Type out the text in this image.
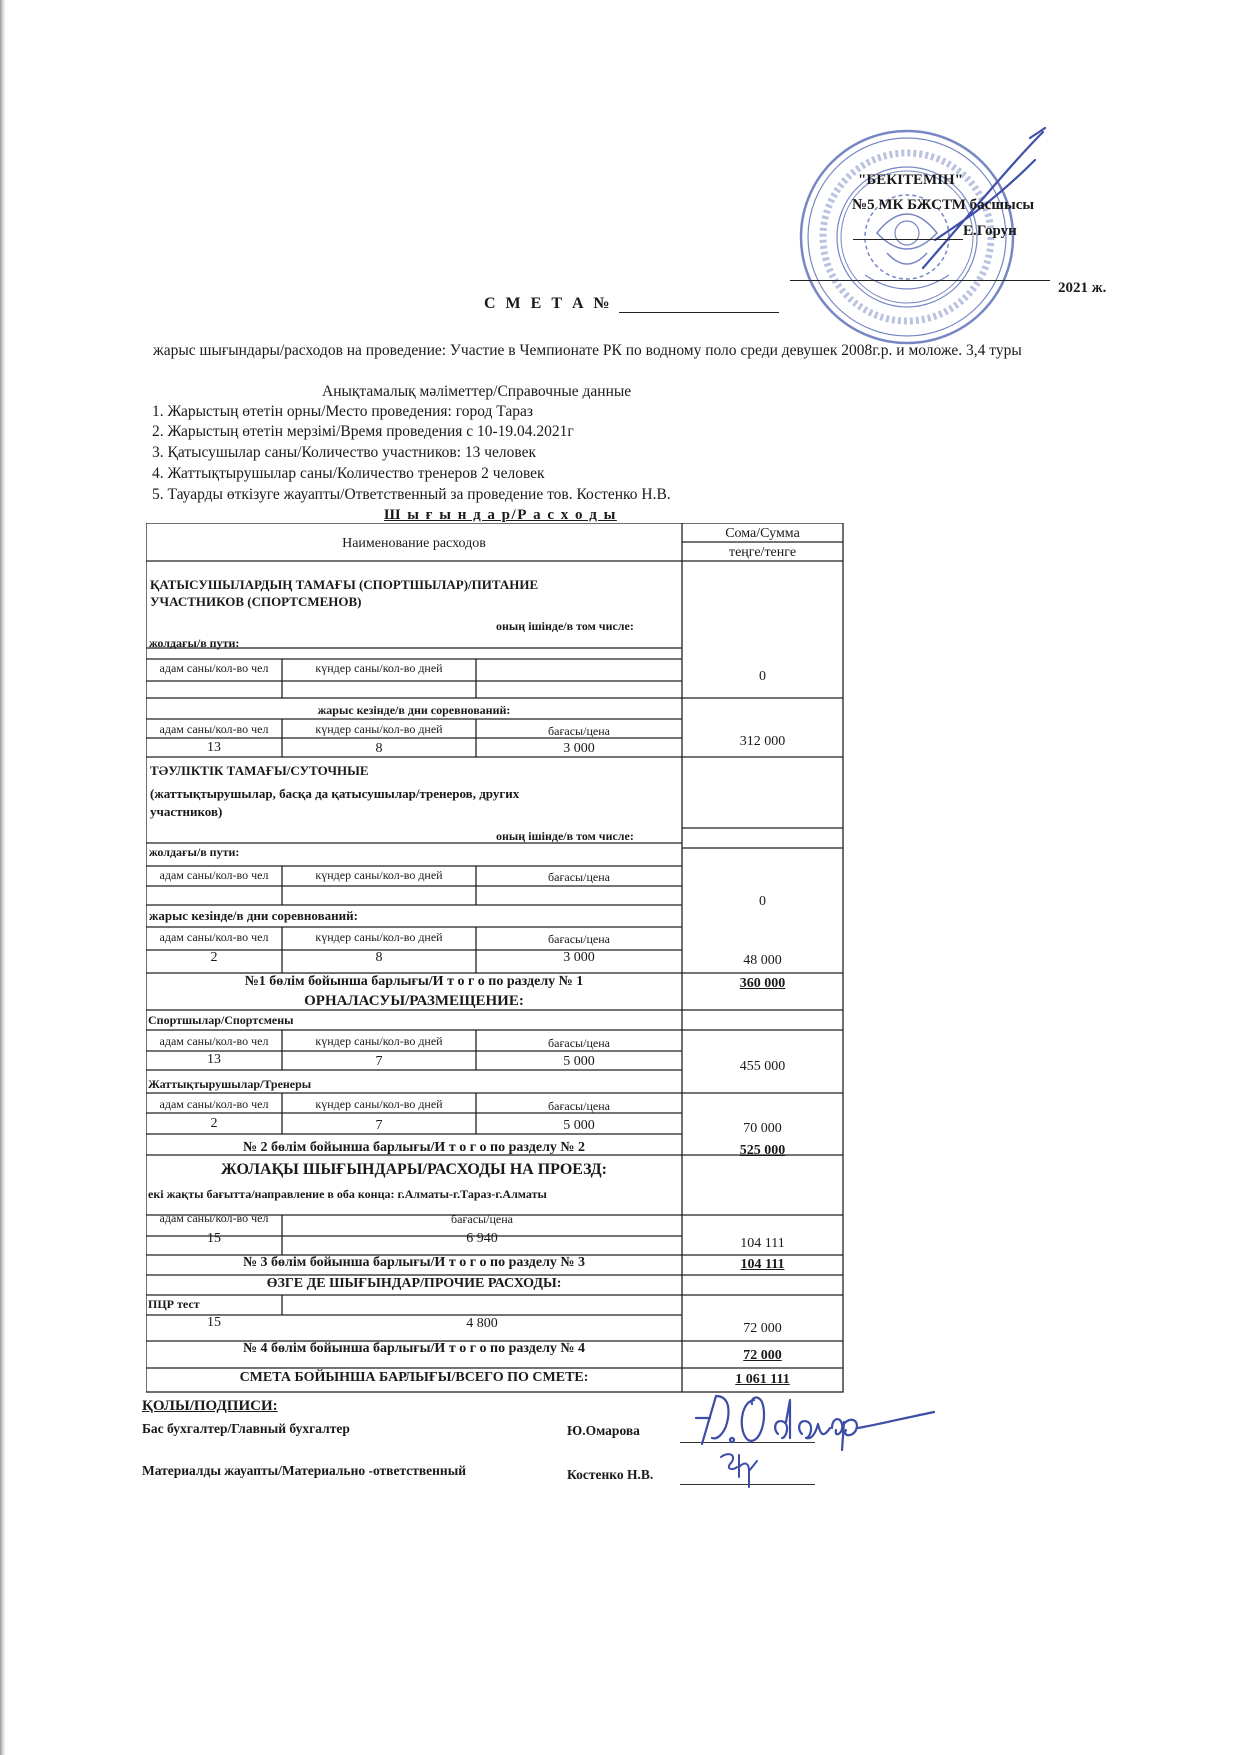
"БЕКІТЕМІН"
№5 МК БЖСТМ басшысы
Е.Горун
2021 ж.
С М Е Т А №
жарыс шығындары/расходов на проведение: Участие в Чемпионате РК по водному поло среди девушек 2008г.р. и моложе. 3,4 туры
Анықтамалық мәліметтер/Справочные данные
1. Жарыстың өтетін орны/Место проведения: город Тараз
2. Жарыстың өтетін мерзімі/Время проведения с 10-19.04.2021г
3. Қатысушылар саны/Количество участников: 13 человек
4. Жаттықтырушылар саны/Количество тренеров 2 человек
5. Тауарды өткізуге жауапты/Ответственный за проведение тов. Костенко Н.В.
Ш ы ғ ы н д а р/Р а с х о д ы
Наименование расходов
Сома/Сумма
теңге/тенге
ҚАТЫСУШЫЛАРДЫҢ ТАМАҒЫ (СПОРТШЫЛАР)/ПИТАНИЕ
УЧАСТНИКОВ (СПОРТСМЕНОВ)
оның ішінде/в том числе:
жолдағы/в пути:
адам саны/кол-во чел	күндер саны/кол-во дней
0
жарыс кезінде/в дни соревнований:
адам саны/кол-во чел	күндер саны/кол-во дней	бағасы/цена
13	8	3 000	312 000
ТӘУЛІКТІК ТАМАҒЫ/СУТОЧНЫЕ
(жаттықтырушылар, басқа да қатысушылар/тренеров, других
участников)
оның ішінде/в том числе:
жолдағы/в пути:
адам саны/кол-во чел	күндер саны/кол-во дней	бағасы/цена
0
жарыс кезінде/в дни соревнований:
адам саны/кол-во чел	күндер саны/кол-во дней	бағасы/цена
2	8	3 000	48 000
№1 бөлім бойынша барлығы/И т о г о по разделу № 1	360 000
ОРНАЛАСУЫ/РАЗМЕЩЕНИЕ:
Спортшылар/Спортсмены
адам саны/кол-во чел	күндер саны/кол-во дней	бағасы/цена
13	7	5 000	455 000
Жаттықтырушылар/Тренеры
адам саны/кол-во чел	күндер саны/кол-во дней	бағасы/цена
2	7	5 000	70 000
№ 2 бөлім бойынша барлығы/И т о г о по разделу № 2	525 000
ЖОЛАҚЫ ШЫҒЫНДАРЫ/РАСХОДЫ НА ПРОЕЗД:
екі жақты бағытта/направление в оба конца: г.Алматы-г.Тараз-г.Алматы
адам саны/кол-во чел	бағасы/цена
15	6 940	104 111
№ 3 бөлім бойынша барлығы/И т о г о по разделу № 3	104 111
ӨЗГЕ ДЕ ШЫҒЫНДАР/ПРОЧИЕ РАСХОДЫ:
ПЦР тест
15	4 800	72 000
№ 4 бөлім бойынша барлығы/И т о г о по разделу № 4	72 000
СМЕТА БОЙЫНША БАРЛЫҒЫ/ВСЕГО ПО СМЕТЕ:	1 061 111
ҚОЛЫ/ПОДПИСИ:
Бас бухгалтер/Главный бухгалтер	Ю.Омарова
Материалды жауапты/Материально -ответственный	Костенко Н.В.
